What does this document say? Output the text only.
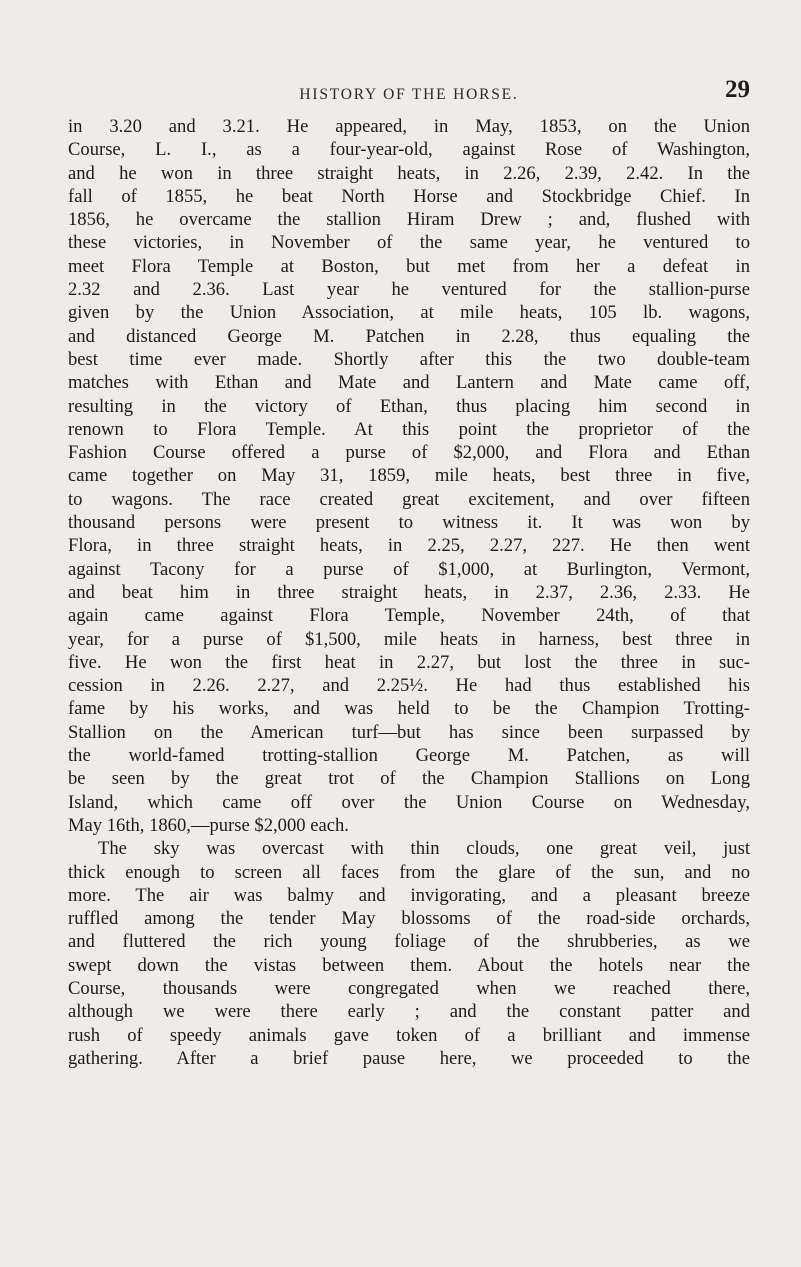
HISTORY OF THE HORSE.	29
in 3.20 and 3.21. He appeared, in May, 1853, on the Union
Course, L. I., as a four-year-old, against Rose of Washington,
and he won in three straight heats, in 2.26, 2.39, 2.42. In the
fall of 1855, he beat North Horse and Stockbridge Chief. In
1856, he overcame the stallion Hiram Drew ; and, flushed with
these victories, in November of the same year, he ventured to
meet Flora Temple at Boston, but met from her a defeat in
2.32 and 2.36. Last year he ventured for the stallion-purse
given by the Union Association, at mile heats, 105 lb. wagons,
and distanced George M. Patchen in 2.28, thus equaling the
best time ever made. Shortly after this the two double-team
matches with Ethan and Mate and Lantern and Mate came off,
resulting in the victory of Ethan, thus placing him second in
renown to Flora Temple. At this point the proprietor of the
Fashion Course offered a purse of $2,000, and Flora and Ethan
came together on May 31, 1859, mile heats, best three in five,
to wagons. The race created great excitement, and over fifteen
thousand persons were present to witness it. It was won by
Flora, in three straight heats, in 2.25, 2.27, 227. He then went
against Tacony for a purse of $1,000, at Burlington, Vermont,
and beat him in three straight heats, in 2.37, 2.36, 2.33. He
again came against Flora Temple, November 24th, of that
year, for a purse of $1,500, mile heats in harness, best three in
five. He won the first heat in 2.27, but lost the three in suc-
cession in 2.26. 2.27, and 2.25½. He had thus established his
fame by his works, and was held to be the Champion Trotting-
Stallion on the American turf—but has since been surpassed by
the world-famed trotting-stallion George M. Patchen, as will
be seen by the great trot of the Champion Stallions on Long
Island, which came off over the Union Course on Wednesday,
May 16th, 1860,—purse $2,000 each.
The sky was overcast with thin clouds, one great veil, just
thick enough to screen all faces from the glare of the sun, and no
more. The air was balmy and invigorating, and a pleasant breeze
ruffled among the tender May blossoms of the road-side orchards,
and fluttered the rich young foliage of the shrubberies, as we
swept down the vistas between them. About the hotels near the
Course, thousands were congregated when we reached there,
although we were there early ; and the constant patter and
rush of speedy animals gave token of a brilliant and immense
gathering. After a brief pause here, we proceeded to the
